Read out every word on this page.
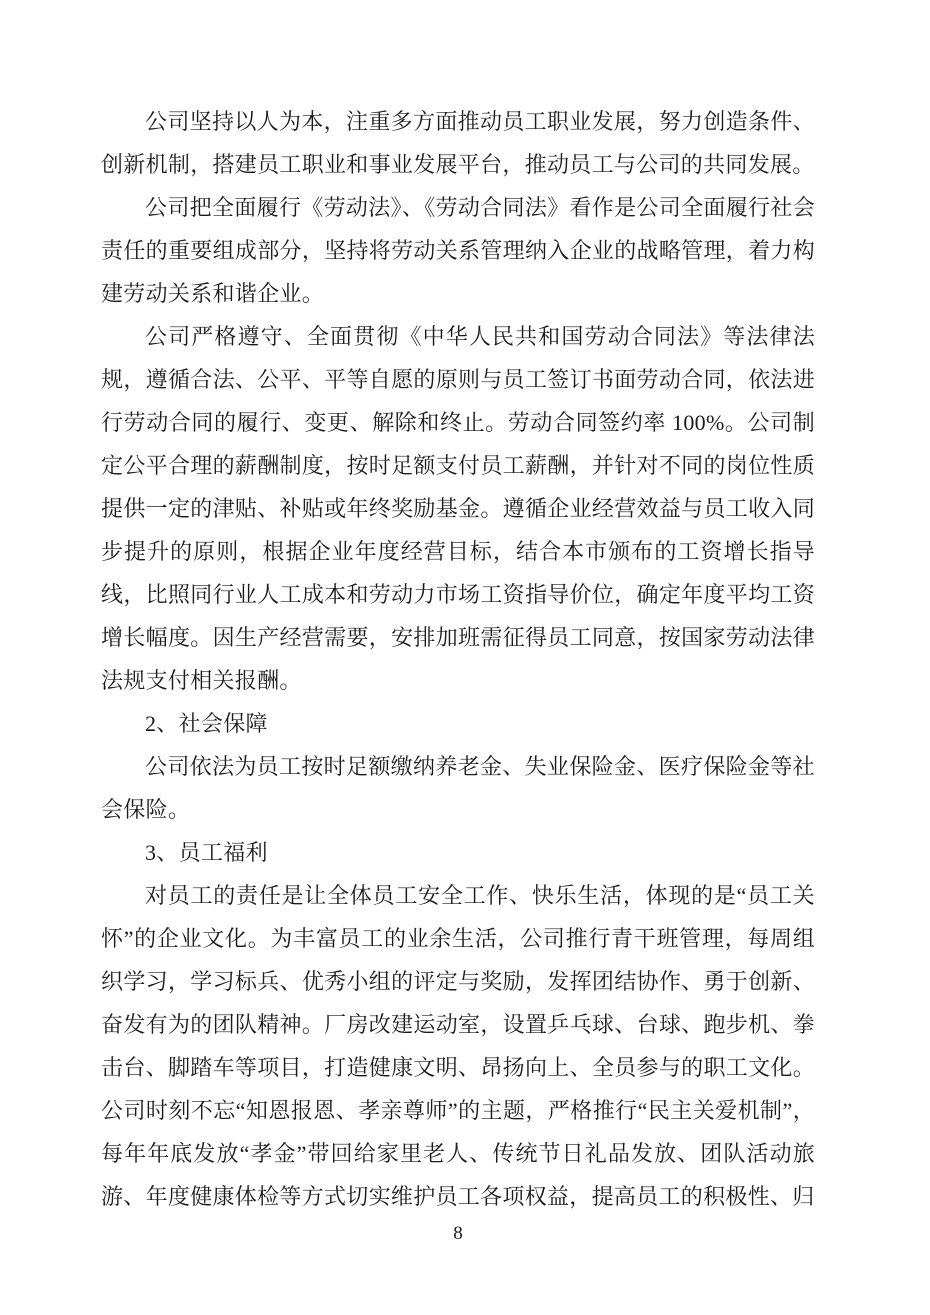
公司坚持以人为本，注重多方面推动员工职业发展，努力创造条件、创新机制，搭建员工职业和事业发展平台，推动员工与公司的共同发展。

公司把全面履行《劳动法》、《劳动合同法》看作是公司全面履行社会责任的重要组成部分，坚持将劳动关系管理纳入企业的战略管理，着力构建劳动关系和谐企业。

公司严格遵守、全面贯彻《中华人民共和国劳动合同法》等法律法规，遵循合法、公平、平等自愿的原则与员工签订书面劳动合同，依法进行劳动合同的履行、变更、解除和终止。劳动合同签约率 100%。公司制定公平合理的薪酬制度，按时足额支付员工薪酬，并针对不同的岗位性质提供一定的津贴、补贴或年终奖励基金。遵循企业经营效益与员工收入同步提升的原则，根据企业年度经营目标，结合本市颁布的工资增长指导线，比照同行业人工成本和劳动力市场工资指导价位，确定年度平均工资增长幅度。因生产经营需要，安排加班需征得员工同意，按国家劳动法律法规支付相关报酬。

2、社会保障

公司依法为员工按时足额缴纳养老金、失业保险金、医疗保险金等社会保险。

3、员工福利

对员工的责任是让全体员工安全工作、快乐生活，体现的是“员工关怀”的企业文化。为丰富员工的业余生活，公司推行青干班管理，每周组织学习，学习标兵、优秀小组的评定与奖励，发挥团结协作、勇于创新、奋发有为的团队精神。厂房改建运动室，设置乒乓球、台球、跑步机、拳击台、脚踏车等项目，打造健康文明、昂扬向上、全员参与的职工文化。公司时刻不忘“知恩报恩、孝亲尊师”的主题，严格推行“民主关爱机制”，每年年底发放“孝金”带回给家里老人、传统节日礼品发放、团队活动旅游、年度健康体检等方式切实维护员工各项权益，提高员工的积极性、归

8
